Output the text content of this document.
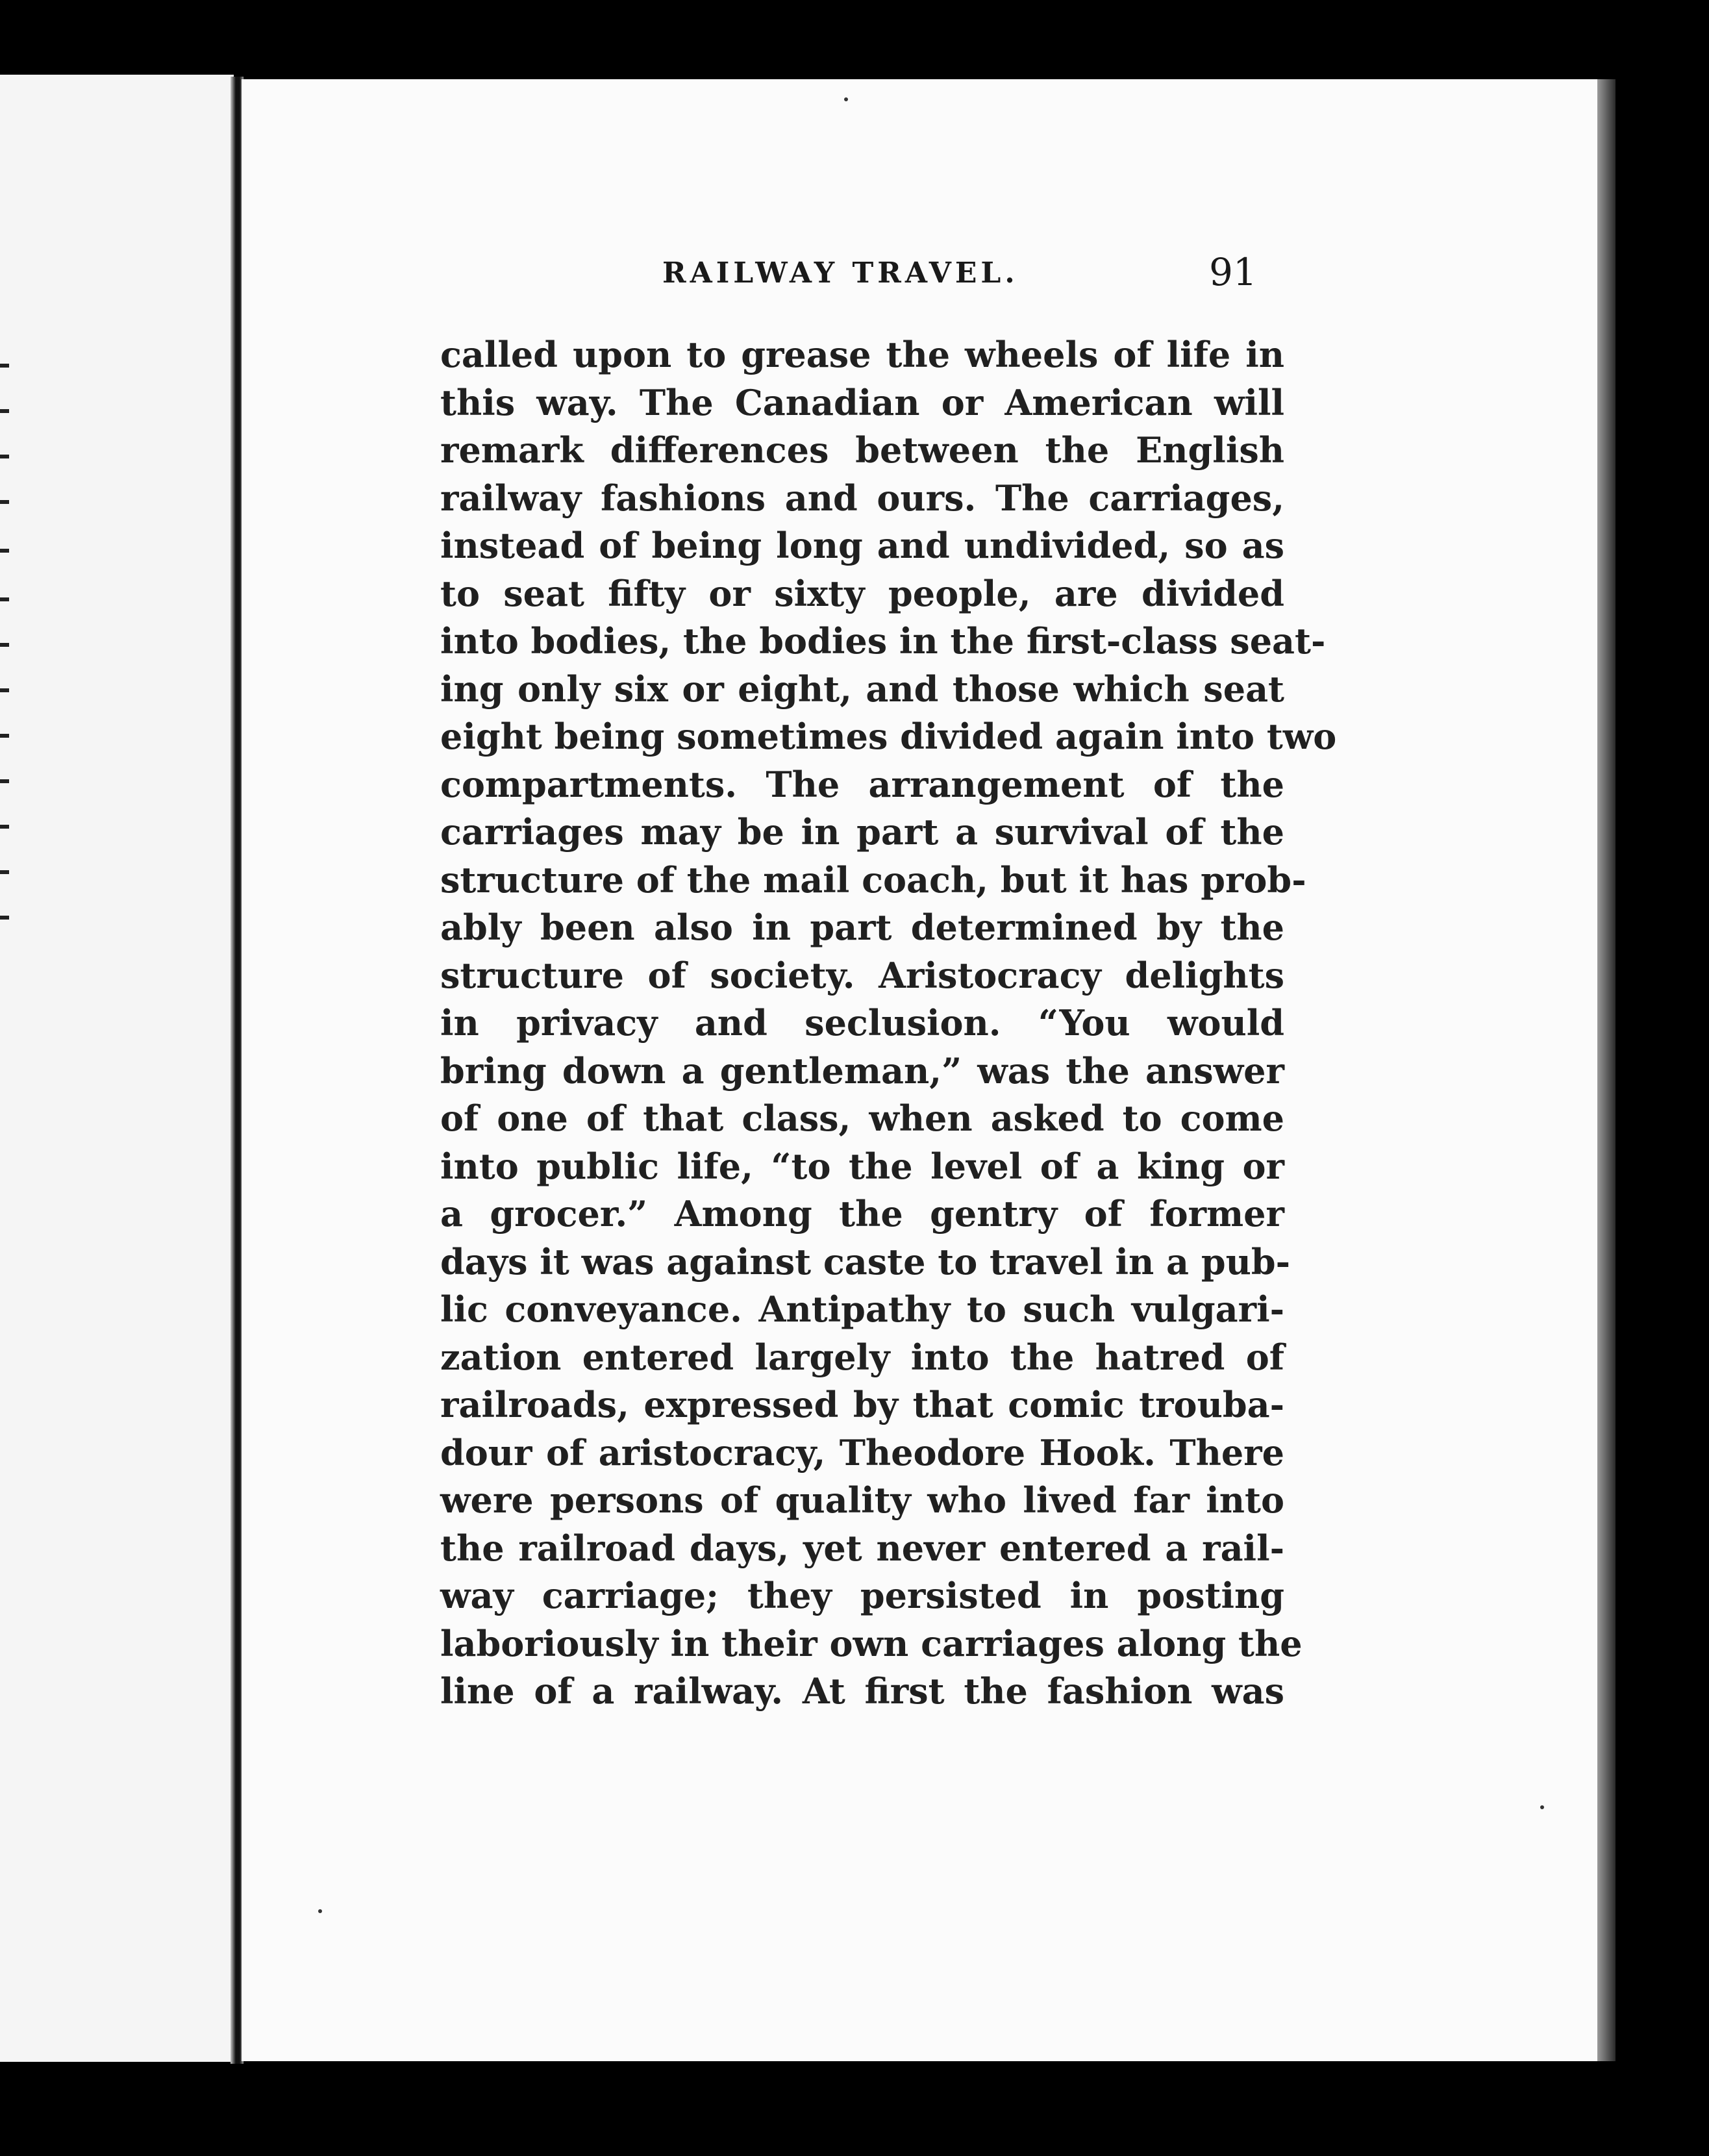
RAILWAY TRAVEL.	91
called upon to grease the wheels of life in
this way. The Canadian or American will
remark differences between the English
railway fashions and ours. The carriages,
instead of being long and undivided, so as
to seat fifty or sixty people, are divided
into bodies, the bodies in the first-class seat-
ing only six or eight, and those which seat
eight being sometimes divided again into two
compartments. The arrangement of the
carriages may be in part a survival of the
structure of the mail coach, but it has prob-
ably been also in part determined by the
structure of society. Aristocracy delights
in privacy and seclusion. “You would
bring down a gentleman,” was the answer
of one of that class, when asked to come
into public life, “to the level of a king or
a grocer.” Among the gentry of former
days it was against caste to travel in a pub-
lic conveyance. Antipathy to such vulgari-
zation entered largely into the hatred of
railroads, expressed by that comic trouba-
dour of aristocracy, Theodore Hook. There
were persons of quality who lived far into
the railroad days, yet never entered a rail-
way carriage; they persisted in posting
laboriously in their own carriages along the
line of a railway. At first the fashion was
